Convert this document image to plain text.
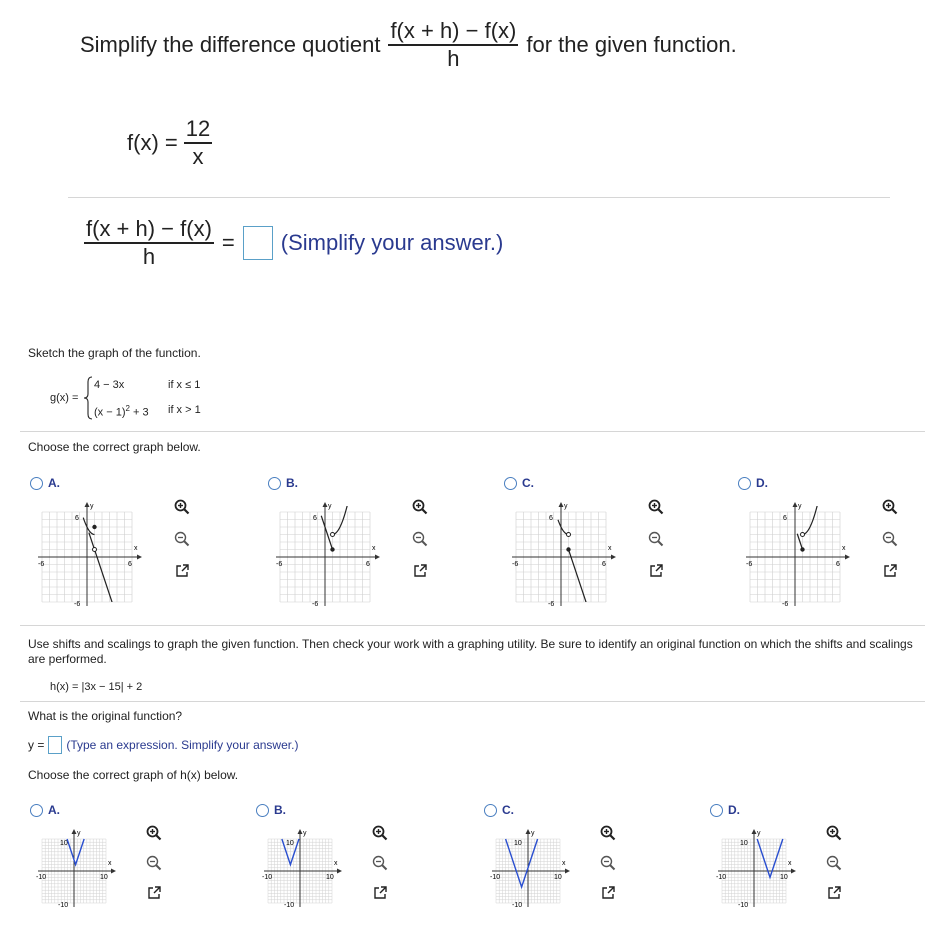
Simplify the difference quotient $\frac{f(x + h) - f(x)}{h}$ for the given function.
$f(x) = \frac{12}{x}$
$\frac{f(x + h) - f(x)}{h}$ = (Simplify your answer.)
Sketch the graph of the function.
g(x) =
4 − 3x	if x ≤ 1
$(x - 1)^2 + 3$ if x > 1
Choose the correct graph below.
A.
y
x
6
-6
6
-6
B.
y
x
6
-6
6
-6
C.
y
x
6
-6
6
-6
D.
y
x
6
-6
6
-6
Use shifts and scalings to graph the given function. Then check your work with a graphing utility. Be sure to identify an original function on which the shifts and scalings are performed.
h(x) = |3x − 15| + 2
What is the original function?
y = (Type an expression. Simplify your answer.)
Choose the correct graph of h(x) below.
A.
y
x
10
-10
10
-10
B.
y
x
10
-10
10
-10
C.
y
x
10
-10
10
-10
D.
y
x
10
-10
10
-10
